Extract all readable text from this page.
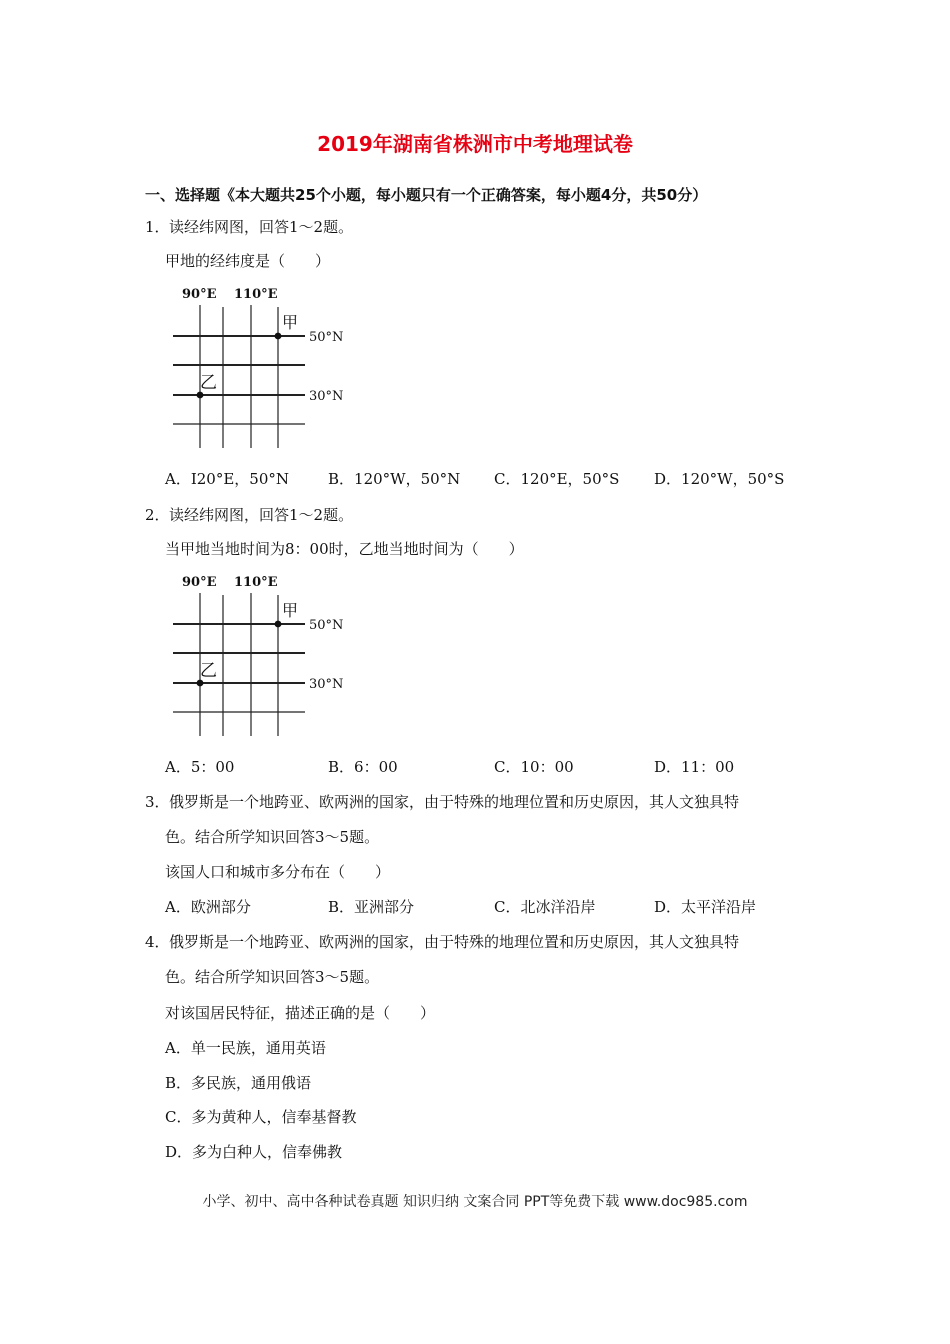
2019年湖南省株洲市中考地理试卷
一、选择题《本大题共25个小题，每小题只有一个正确答案，每小题4分，共50分）
1． 读经纬网图，回答1～2题。
甲地的经纬度是（　　）
90°E 110°E
甲
乙
50°N
30°N
A．I20°E，50°N	B．120°W，50°N C．120°E，50°S D．120°W，50°S
2． 读经纬网图，回答1～2题。
当甲地当地时间为8：00时，乙地当地时间为（　　）
90°E 110°E
甲
乙
50°N
30°N
A．5：00	B．6：00	C．10：00	D．11：00
3． 俄罗斯是一个地跨亚、欧两洲的国家，由于特殊的地理位置和历史原因，其人文独具特
色。结合所学知识回答3～5题。
该国人口和城市多分布在（　　）
A．欧洲部分	B．亚洲部分	C．北冰洋沿岸	D．太平洋沿岸
4． 俄罗斯是一个地跨亚、欧两洲的国家，由于特殊的地理位置和历史原因，其人文独具特
色。结合所学知识回答3～5题。
对该国居民特征，描述正确的是（　　）
A．单一民族，通用英语
B．多民族，通用俄语
C．多为黄种人，信奉基督教
D．多为白种人，信奉佛教
小学、初中、高中各种试卷真题 知识归纳 文案合同 PPT等免费下载 www.doc985.com
